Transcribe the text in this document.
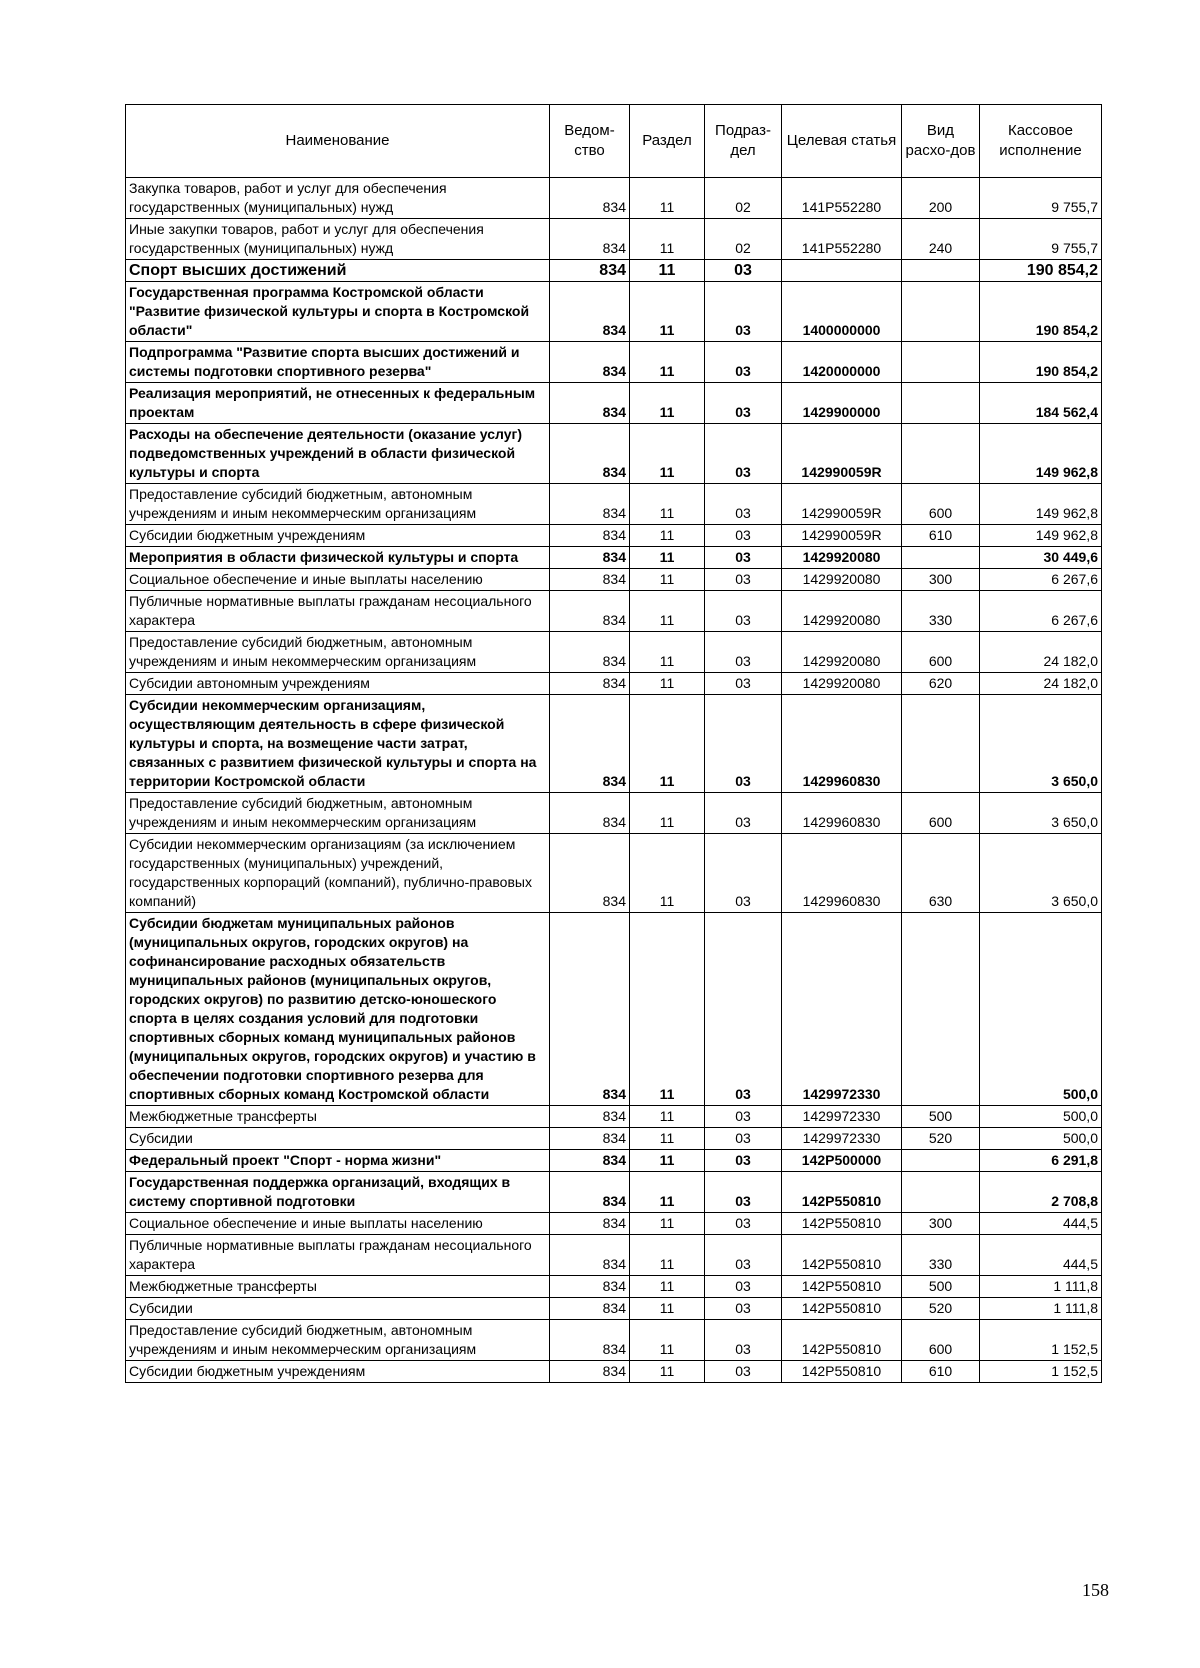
Наименование	Ведом-ство	Раздел	Подраз-дел	Целевая статья	Вид расхо-дов	Кассовое исполнение
Закупка товаров, работ и услуг для обеспечения государственных (муниципальных) нужд	834	11	02	141P552280	200	9 755,7
Иные закупки товаров, работ и услуг для обеспечения государственных (муниципальных) нужд	834	11	02	141P552280	240	9 755,7
Спорт высших достижений	834	11	03			190 854,2
Государственная программа Костромской области "Развитие физической культуры и спорта в Костромской области"	834	11	03	1400000000		190 854,2
Подпрограмма "Развитие спорта высших достижений и системы подготовки спортивного резерва"	834	11	03	1420000000		190 854,2
Реализация мероприятий, не отнесенных к федеральным проектам	834	11	03	1429900000		184 562,4
Расходы на обеспечение деятельности (оказание услуг) подведомственных учреждений в области физической культуры и спорта	834	11	03	142990059R		149 962,8
Предоставление субсидий бюджетным, автономным учреждениям и иным некоммерческим организациям	834	11	03	142990059R	600	149 962,8
Субсидии бюджетным учреждениям	834	11	03	142990059R	610	149 962,8
Мероприятия в области физической культуры и спорта	834	11	03	1429920080		30 449,6
Социальное обеспечение и иные выплаты населению	834	11	03	1429920080	300	6 267,6
Публичные нормативные выплаты гражданам несоциального характера	834	11	03	1429920080	330	6 267,6
Предоставление субсидий бюджетным, автономным учреждениям и иным некоммерческим организациям	834	11	03	1429920080	600	24 182,0
Субсидии автономным учреждениям	834	11	03	1429920080	620	24 182,0
Субсидии некоммерческим организациям, осуществляющим деятельность в сфере физической культуры и спорта, на возмещение части затрат, связанных с развитием физической культуры и спорта на территории Костромской области	834	11	03	1429960830		3 650,0
Предоставление субсидий бюджетным, автономным учреждениям и иным некоммерческим организациям	834	11	03	1429960830	600	3 650,0
Субсидии некоммерческим организациям (за исключением государственных (муниципальных) учреждений, государственных корпораций (компаний), публично-правовых компаний)	834	11	03	1429960830	630	3 650,0
Субсидии бюджетам муниципальных районов (муниципальных округов, городских округов) на софинансирование расходных обязательств муниципальных районов (муниципальных округов, городских округов) по развитию детско-юношеского спорта в целях создания условий для подготовки спортивных сборных команд муниципальных районов (муниципальных округов, городских округов) и участию в обеспечении подготовки спортивного резерва для спортивных сборных команд Костромской области	834	11	03	1429972330		500,0
Межбюджетные трансферты	834	11	03	1429972330	500	500,0
Субсидии	834	11	03	1429972330	520	500,0
Федеральный проект "Спорт - норма жизни"	834	11	03	142P500000		6 291,8
Государственная поддержка организаций, входящих в систему спортивной подготовки	834	11	03	142P550810		2 708,8
Социальное обеспечение и иные выплаты населению	834	11	03	142P550810	300	444,5
Публичные нормативные выплаты гражданам несоциального характера	834	11	03	142P550810	330	444,5
Межбюджетные трансферты	834	11	03	142P550810	500	1 111,8
Субсидии	834	11	03	142P550810	520	1 111,8
Предоставление субсидий бюджетным, автономным учреждениям и иным некоммерческим организациям	834	11	03	142P550810	600	1 152,5
Субсидии бюджетным учреждениям	834	11	03	142P550810	610	1 152,5
158
